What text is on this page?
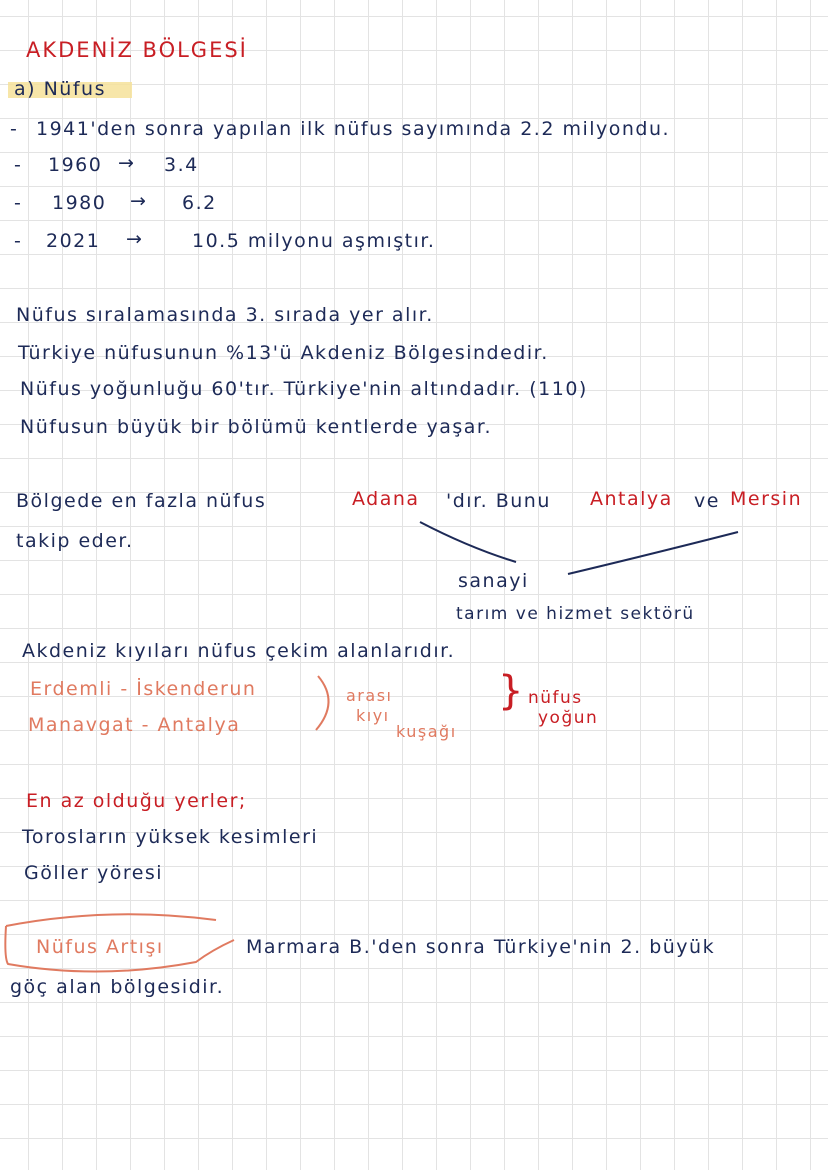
AKDENİZ BÖLGESİ
a) Nüfus
- 1941'den sonra yapılan ilk nüfus sayımında 2.2 milyondu.
- 1960 → 3.4
- 1980 → 6.2
- 2021 →	10.5 milyonu aşmıştır.
Nüfus sıralamasında 3. sırada yer alır.
Türkiye nüfusunun %13'ü Akdeniz Bölgesindedir.
Nüfus yoğunluğu 60'tır. Türkiye'nin altındadır. (110)
Nüfusun büyük bir bölümü kentlerde yaşar.
Bölgede en fazla nüfus	Adana 'dır. Bunu Antalya ve Mersin
takip eder.
sanayi
tarım ve hizmet sektörü
Akdeniz kıyıları nüfus çekim alanlarıdır.
Erdemli - İskenderun
Manavgat - Antalya
arası
kıyı
kuşağı
} nüfus
yoğun
En az olduğu yerler;
Torosların yüksek kesimleri
Göller yöresi
Nüfus Artışı	Marmara B.'den sonra Türkiye'nin 2. büyük
göç alan bölgesidir.
